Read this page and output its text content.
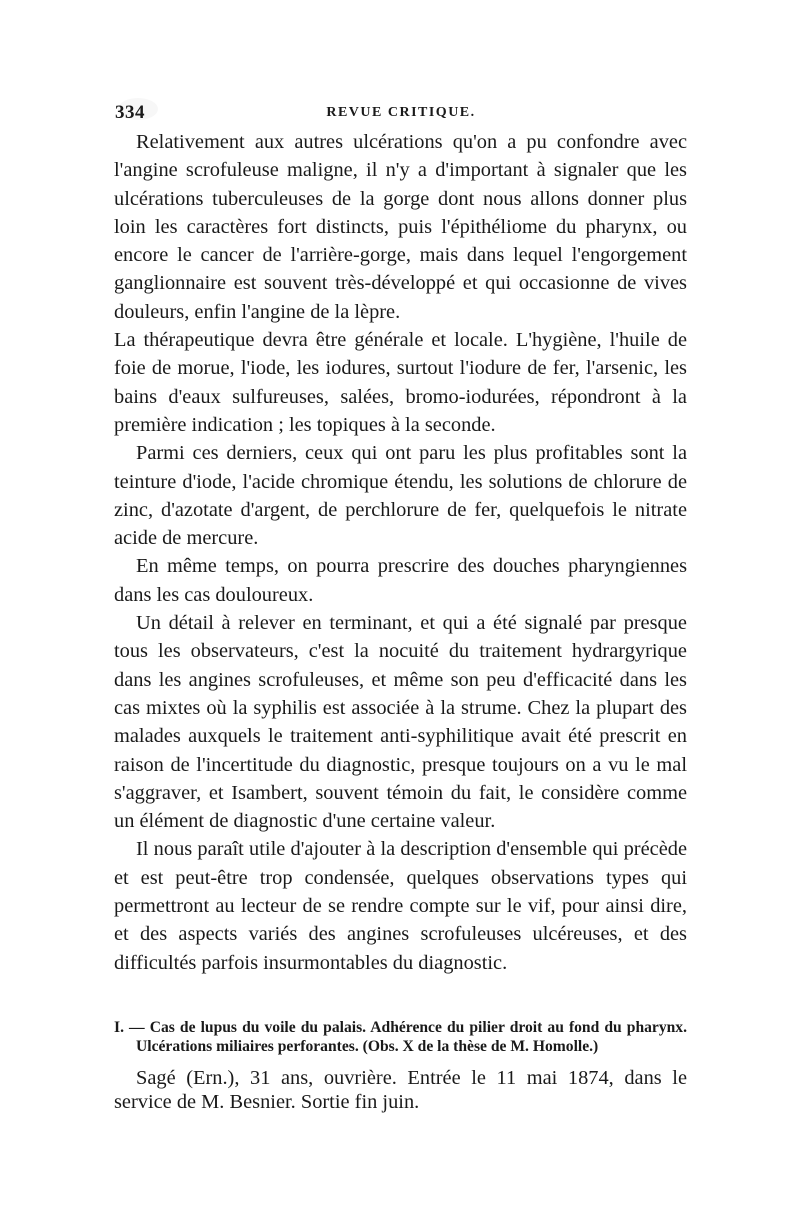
334	REVUE CRITIQUE.

Relativement aux autres ulcérations qu'on a pu confondre avec l'angine scrofuleuse maligne, il n'y a d'important à signaler que les ulcérations tuberculeuses de la gorge dont nous allons donner plus loin les caractères fort distincts, puis l'épithéliome du pharynx, ou encore le cancer de l'arrière-gorge, mais dans lequel l'engorgement ganglionnaire est souvent très-développé et qui occasionne de vives douleurs, enfin l'angine de la lèpre.

La thérapeutique devra être générale et locale. L'hygiène, l'huile de foie de morue, l'iode, les iodures, surtout l'iodure de fer, l'arsenic, les bains d'eaux sulfureuses, salées, bromo-iodurées, répondront à la première indication ; les topiques à la seconde.

Parmi ces derniers, ceux qui ont paru les plus profitables sont la teinture d'iode, l'acide chromique étendu, les solutions de chlorure de zinc, d'azotate d'argent, de perchlorure de fer, quelquefois le nitrate acide de mercure.

En même temps, on pourra prescrire des douches pharyngiennes dans les cas douloureux.

Un détail à relever en terminant, et qui a été signalé par presque tous les observateurs, c'est la nocuité du traitement hydrargyrique dans les angines scrofuleuses, et même son peu d'efficacité dans les cas mixtes où la syphilis est associée à la strume. Chez la plupart des malades auxquels le traitement anti-syphilitique avait été prescrit en raison de l'incertitude du diagnostic, presque toujours on a vu le mal s'aggraver, et Isambert, souvent témoin du fait, le considère comme un élément de diagnostic d'une certaine valeur.

Il nous paraît utile d'ajouter à la description d'ensemble qui précède et est peut-être trop condensée, quelques observations types qui permettront au lecteur de se rendre compte sur le vif, pour ainsi dire, et des aspects variés des angines scrofuleuses ulcéreuses, et des difficultés parfois insurmontables du diagnostic.

I. — Cas de lupus du voile du palais. Adhérence du pilier droit au fond du pharynx. Ulcérations miliaires perforantes. (Obs. X de la thèse de M. Homolle.)

Sagé (Ern.), 31 ans, ouvrière. Entrée le 11 mai 1874, dans le service de M. Besnier. Sortie fin juin.
